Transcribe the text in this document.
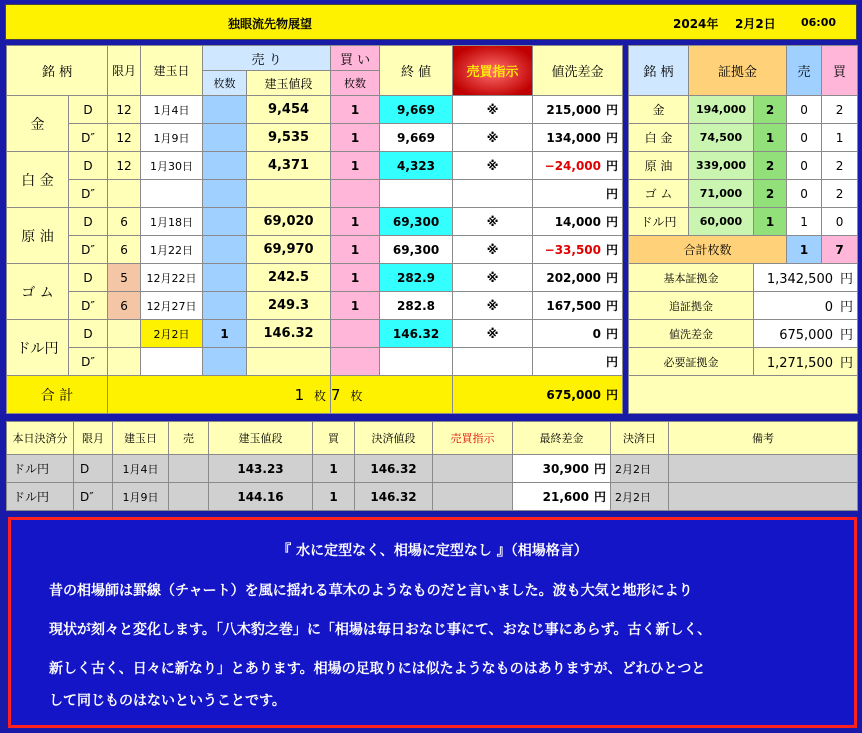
独眼流先物展望	2024年 2月2日 06:00
銘 柄		限月	建玉日	売 り		買 い	終 値	売買指示	値洗差金
				枚数	建玉値段	枚数			
金	D	12	1月4日		9,454	1	9,669	※	215,000 円
	D″	12	1月9日		9,535	1	9,669	※	134,000 円
白 金	D	12	1月30日		4,371	1	4,323	※	−24,000 円
	D″								円
原 油	D	6	1月18日		69,020	1	69,300	※	14,000 円
	D″	6	1月22日		69,970	1	69,300	※	−33,500 円
ゴ ム	D	5	12月22日		242.5	1	282.9	※	202,000 円
	D″	6	12月27日		249.3	1	282.8	※	167,500 円
ドル円	D		2月2日	1	146.32		146.32	※	0 円
	D″								円
合 計		1 枚				7 枚		675,000 円	
銘 柄	証拠金		売	買
金	194,000	2	0	2
白 金	74,500	1	0	1
原 油	339,000	2	0	2
ゴ ム	71,000	2	0	2
ドル円	60,000	1	1	0
合計枚数			1	7
基本証拠金		1,342,500 円		
追証拠金		0 円		
値洗差金		675,000 円		
必要証拠金		1,271,500 円		

本日決済分	限月	建玉日	売	建玉値段	買	決済値段	売買指示	最終差金	決済日	備考
ドル円	D	1月4日		143.23	1	146.32		30,900 円	2月2日	
ドル円	D″	1月9日		144.16	1	146.32		21,600 円	2月2日	
『 水に定型なく、相場に定型なし 』（相場格言）
昔の相場師は罫線（チャート）を風に揺れる草木のようなものだと言いました。波も大気と地形により
現状が刻々と変化します。「八木豹之巻」に「相場は毎日おなじ事にて、おなじ事にあらず。古く新しく、
新しく古く、日々に新なり」とあります。相場の足取りには似たようなものはありますが、どれひとつと
して同じものはないということです。
